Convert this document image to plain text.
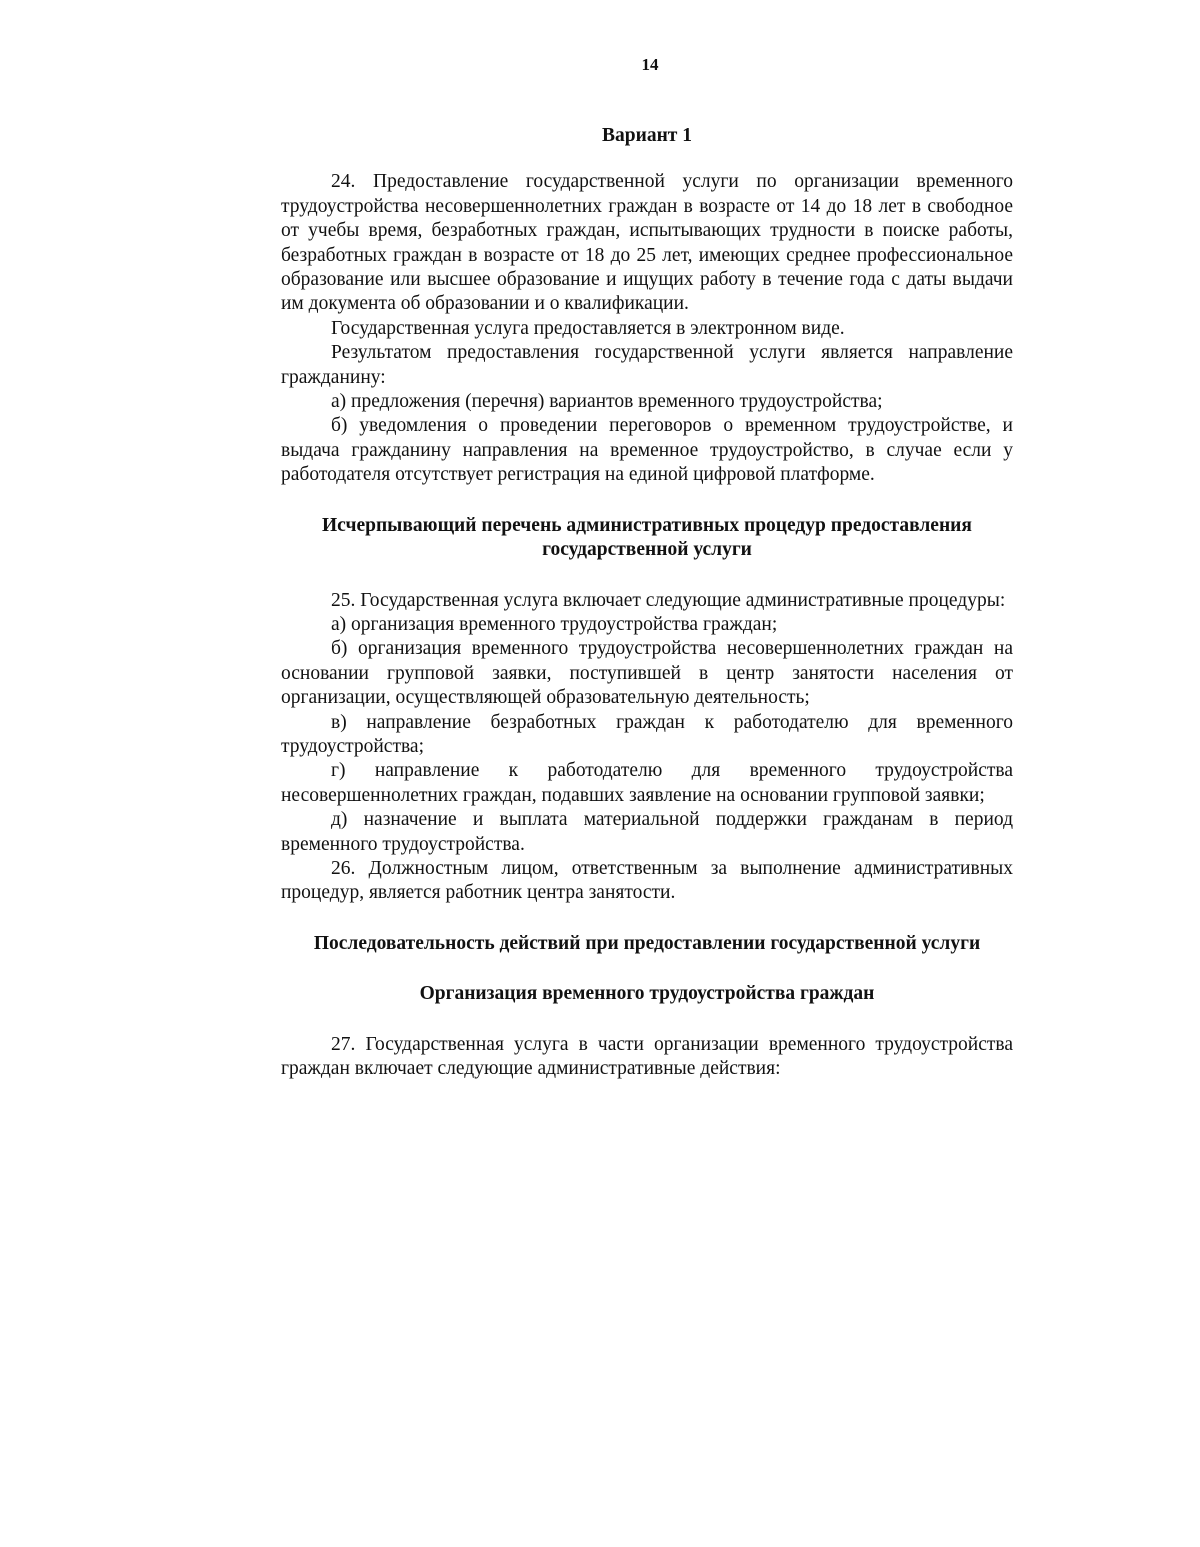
14

Вариант 1

24. Предоставление государственной услуги по организации временного трудоустройства несовершеннолетних граждан в возрасте от 14 до 18 лет в свободное от учебы время, безработных граждан, испытывающих трудности в поиске работы, безработных граждан в возрасте от 18 до 25 лет, имеющих среднее профессиональное образование или высшее образование и ищущих работу в течение года с даты выдачи им документа об образовании и о квалификации.

Государственная услуга предоставляется в электронном виде.

Результатом предоставления государственной услуги является направление гражданину:

а) предложения (перечня) вариантов временного трудоустройства;

б) уведомления о проведении переговоров о временном трудоустройстве, и выдача гражданину направления на временное трудоустройство, в случае если у работодателя отсутствует регистрация на единой цифровой платформе.

Исчерпывающий перечень административных процедур предоставления государственной услуги

25. Государственная услуга включает следующие административные процедуры:

а) организация временного трудоустройства граждан;

б) организация временного трудоустройства несовершеннолетних граждан на основании групповой заявки, поступившей в центр занятости населения от организации, осуществляющей образовательную деятельность;

в) направление безработных граждан к работодателю для временного трудоустройства;

г) направление к работодателю для временного трудоустройства несовершеннолетних граждан, подавших заявление на основании групповой заявки;

д) назначение и выплата материальной поддержки гражданам в период временного трудоустройства.

26. Должностным лицом, ответственным за выполнение административных процедур, является работник центра занятости.

Последовательность действий при предоставлении государственной услуги

Организация временного трудоустройства граждан

27. Государственная услуга в части организации временного трудоустройства граждан включает следующие административные действия:
